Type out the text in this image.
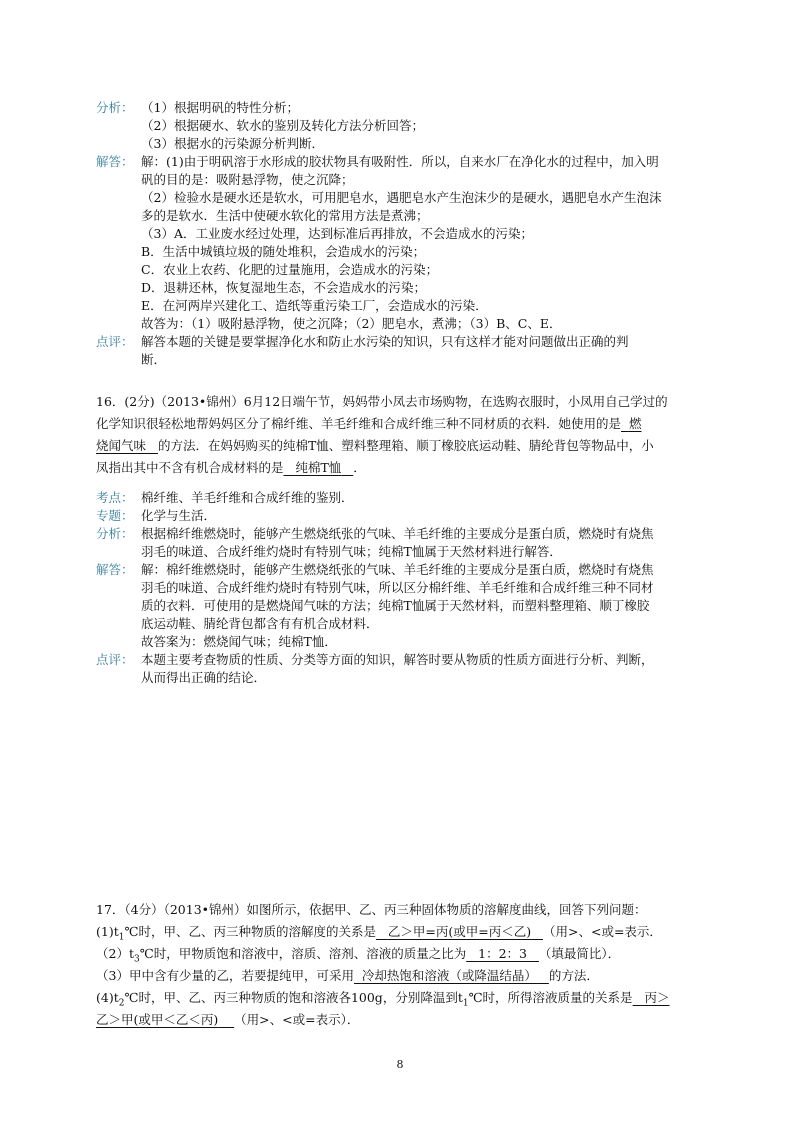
分析： （1）根据明矾的特性分析；
（2）根据硬水、软水的鉴别及转化方法分析回答；
（3）根据水的污染源分析判断．
解答： 解：(1)由于明矾溶于水形成的胶状物具有吸附性．所以，自来水厂在净化水的过程中，加入明
矾的目的是：吸附悬浮物，使之沉降；
（2）检验水是硬水还是软水，可用肥皂水，遇肥皂水产生泡沫少的是硬水，遇肥皂水产生泡沫
多的是软水．生活中使硬水软化的常用方法是煮沸；
（3）A．工业废水经过处理，达到标准后再排放，不会造成水的污染；
B．生活中城镇垃圾的随处堆积，会造成水的污染；
C．农业上农药、化肥的过量施用，会造成水的污染；
D．退耕还林，恢复湿地生态，不会造成水的污染；
E．在河两岸兴建化工、造纸等重污染工厂，会造成水的污染．
故答为：（1）吸附悬浮物，使之沉降；（2）肥皂水，煮沸；（3）B、C、E．
点评： 解答本题的关键是要掌握净化水和防止水污染的知识，只有这样才能对问题做出正确的判
断．
16．(2分)（2013•锦州）6月12日端午节，妈妈带小凤去市场购物，在选购衣服时，小凤用自己学过的
化学知识很轻松地帮妈妈区分了棉纤维、羊毛纤维和合成纤维三种不同材质的衣料．她使用的是 燃
烧闻气味 的方法．在妈妈购买的纯棉T恤、塑料整理箱、顺丁橡胶底运动鞋、腈纶背包等物品中，小
凤指出其中不含有机合成材料的是 纯棉T恤 ．
考点： 棉纤维、羊毛纤维和合成纤维的鉴别．
专题： 化学与生活．
分析： 根据棉纤维燃烧时，能够产生燃烧纸张的气味、羊毛纤维的主要成分是蛋白质，燃烧时有烧焦
羽毛的味道、合成纤维灼烧时有特别气味；纯棉T恤属于天然材料进行解答．
解答： 解：棉纤维燃烧时，能够产生燃烧纸张的气味、羊毛纤维的主要成分是蛋白质，燃烧时有烧焦
羽毛的味道、合成纤维灼烧时有特别气味，所以区分棉纤维、羊毛纤维和合成纤维三种不同材
质的衣料．可使用的是燃烧闻气味的方法；纯棉T恤属于天然材料，而塑料整理箱、顺丁橡胶
底运动鞋、腈纶背包都含有有机合成材料．
故答案为：燃烧闻气味；纯棉T恤．
点评： 本题主要考查物质的性质、分类等方面的知识，解答时要从物质的性质方面进行分析、判断，
从而得出正确的结论．
17．（4分）（2013•锦州）如图所示，依据甲、乙、丙三种固体物质的溶解度曲线，回答下列问题：
$(1)t_1℃$时，甲、乙、丙三种物质的溶解度的关系是 乙＞甲=丙(或甲=丙＜乙) （用>、<或=表示．
$(2)t_3℃$时，甲物质饱和溶液中，溶质、溶剂、溶液的质量之比为 1：2：3 （填最简比）．
（3）甲中含有少量的乙，若要提纯甲，可采用 冷却热饱和溶液（或降温结晶） 的方法．
$(4)t_2℃$时，甲、乙、丙三种物质的饱和溶液各100g，分别降温到$t_1℃$时，所得溶液质量的关系是 丙＞
乙＞甲(或甲＜乙＜丙) （用>、<或=表示）．
8
